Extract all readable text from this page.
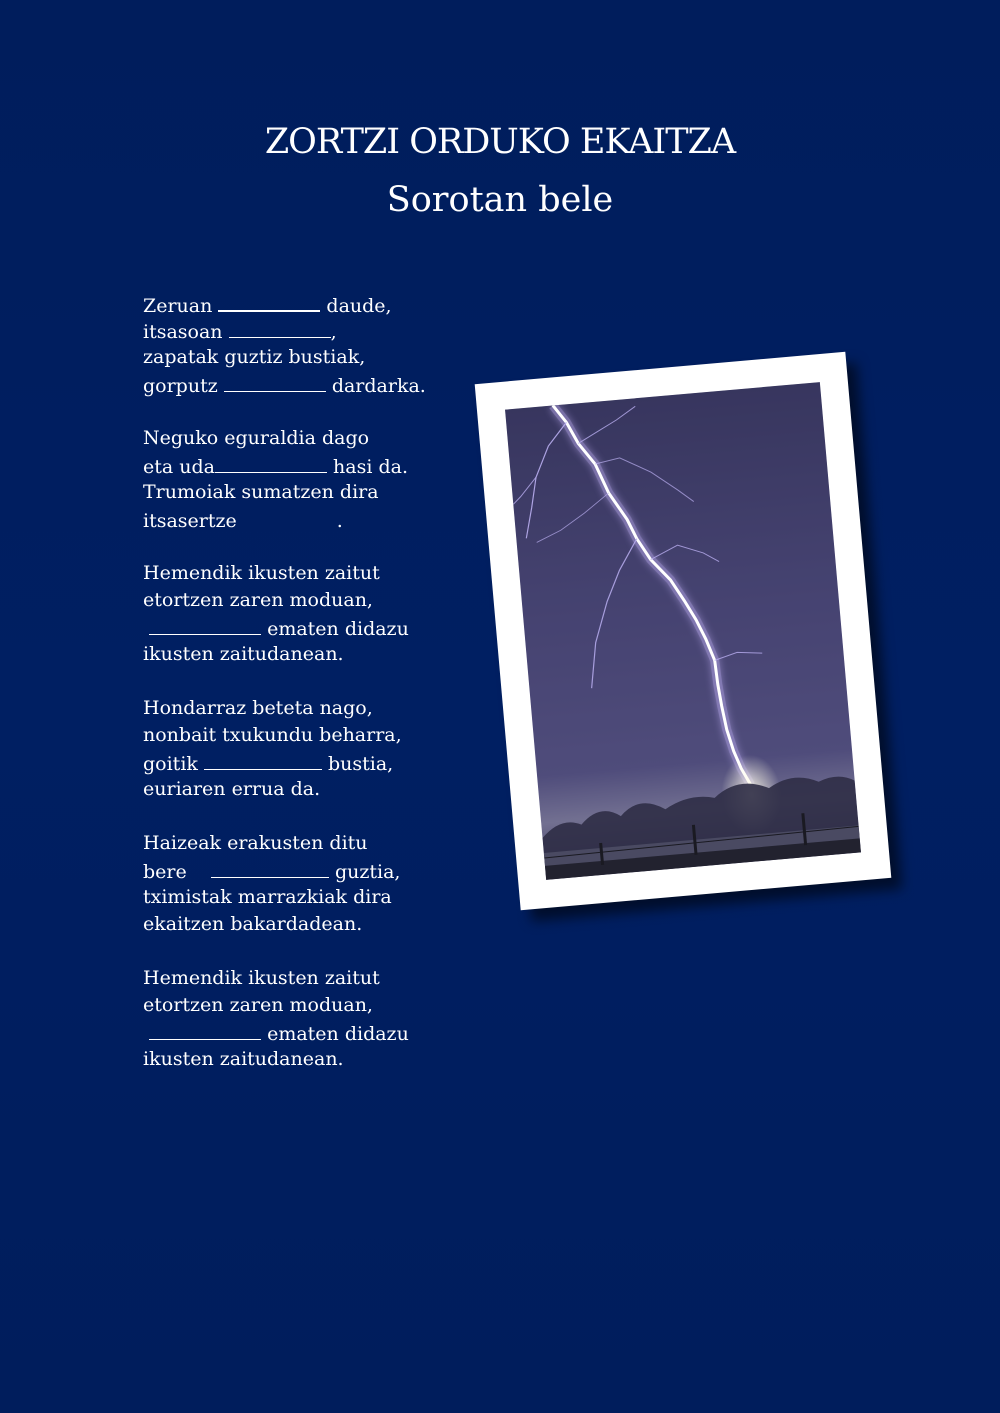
ZORTZI ORDUKO EKAITZA
Sorotan bele
Zeruan	daude,
itsasoan	,
zapatak guztiz bustiak,
gorputz	dardarka.
Neguko eguraldia dago
eta uda	hasi da.
Trumoiak sumatzen dira
itsasertze	.
Hemendik ikusten zaitut
etortzen zaren moduan,
ematen didazu
ikusten zaitudanean.
Hondarraz beteta nago,
nonbait txukundu beharra,
goitik	bustia,
euriaren errua da.
Haizeak erakusten ditu
bere	guztia,
tximistak marrazkiak dira
ekaitzen bakardadean.
Hemendik ikusten zaitut
etortzen zaren moduan,
ematen didazu
ikusten zaitudanean.
